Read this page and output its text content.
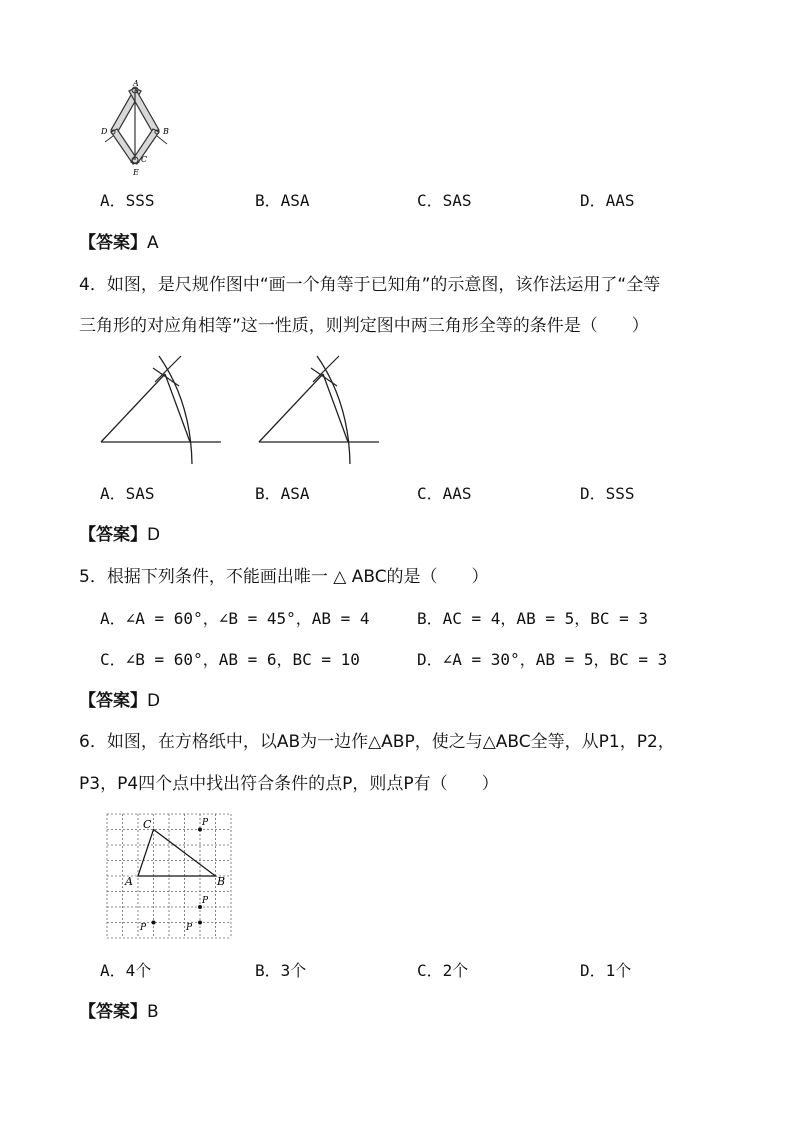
A
D	B
C
E
A．SSS	B．ASA	C．SAS	D．AAS
【答案】A
4．如图，是尺规作图中“画一个角等于已知角”的示意图，该作法运用了“全等
三角形的对应角相等”这一性质，则判定图中两三角形全等的条件是（　　）
A．SAS	B．ASA	C．AAS	D．SSS
【答案】D
5．根据下列条件，不能画出唯一 △ ABC的是（　　）
A．∠A = 60°，∠B = 45°，AB = 4	B．AC = 4，AB = 5，BC = 3
C．∠B = 60°，AB = 6，BC = 10	D．∠A = 30°，AB = 5，BC = 3
【答案】D
6．如图，在方格纸中，以AB为一边作△ABP，使之与△ABC全等，从P1，P2，
P3，P4四个点中找出符合条件的点P，则点P有（　　）
C
A	B
P
P
P
P
A．4个	B．3个	C．2个	D．1个
【答案】B
